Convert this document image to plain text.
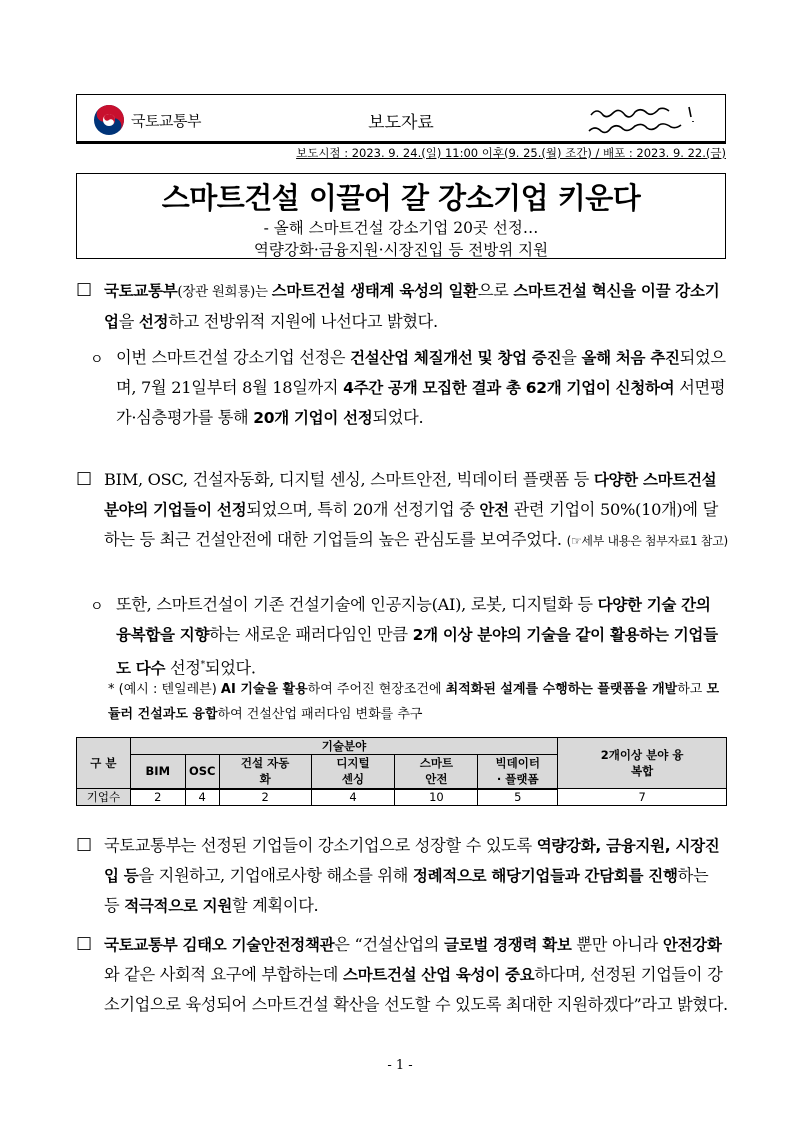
국토교통부	보도자료
보도시점 : 2023. 9. 24.(일) 11:00 이후(9. 25.(월) 조간) / 배포 : 2023. 9. 22.(금)
스마트건설 이끌어 갈 강소기업 키운다
- 올해 스마트건설 강소기업 20곳 선정…
역량강화·금융지원·시장진입 등 전방위 지원
□ 국토교통부(장관 원희룡)는 스마트건설 생태계 육성의 일환으로 스마트건설 혁신을 이끌 강소기업을 선정하고 전방위적 지원에 나선다고 밝혔다.
ㅇ 이번 스마트건설 강소기업 선정은 건설산업 체질개선 및 창업 증진을 올해 처음 추진되었으며, 7월 21일부터 8월 18일까지 4주간 공개 모집한 결과 총 62개 기업이 신청하여 서면평가·심층평가를 통해 20개 기업이 선정되었다.
□ BIM, OSC, 건설자동화, 디지털 센싱, 스마트안전, 빅데이터 플랫폼 등 다양한 스마트건설 분야의 기업들이 선정되었으며, 특히 20개 선정기업 중 안전 관련 기업이 50%(10개)에 달하는 등 최근 건설안전에 대한 기업들의 높은 관심도를 보여주었다. (☞세부 내용은 첨부자료1 참고)
ㅇ 또한, 스마트건설이 기존 건설기술에 인공지능(AI), 로봇, 디지털화 등 다양한 기술 간의 융복합을 지향하는 새로운 패러다임인 만큼 2개 이상 분야의 기술을 같이 활용하는 기업들도 다수 선정*되었다.
* (예시 : 텐일레븐) AI 기술을 활용하여 주어진 현장조건에 최적화된 설계를 수행하는 플랫폼을 개발하고 모듈러 건설과도 융합하여 건설산업 패러다임 변화를 추구
구 분	기술분야						2개이상 분야 융복합
	BIM	OSC	건설 자동화	디지털 센싱	스마트 안전	빅데이터· 플랫폼	
기업수	2	4	2	4	10	5	7
□ 국토교통부는 선정된 기업들이 강소기업으로 성장할 수 있도록 역량강화, 금융지원, 시장진입 등을 지원하고, 기업애로사항 해소를 위해 정례적으로 해당기업들과 간담회를 진행하는 등 적극적으로 지원할 계획이다.
□ 국토교통부 김태오 기술안전정책관은 “건설산업의 글로벌 경쟁력 확보 뿐만 아니라 안전강화와 같은 사회적 요구에 부합하는데 스마트건설 산업 육성이 중요하다며, 선정된 기업들이 강소기업으로 육성되어 스마트건설 확산을 선도할 수 있도록 최대한 지원하겠다”라고 밝혔다.
- 1 -
